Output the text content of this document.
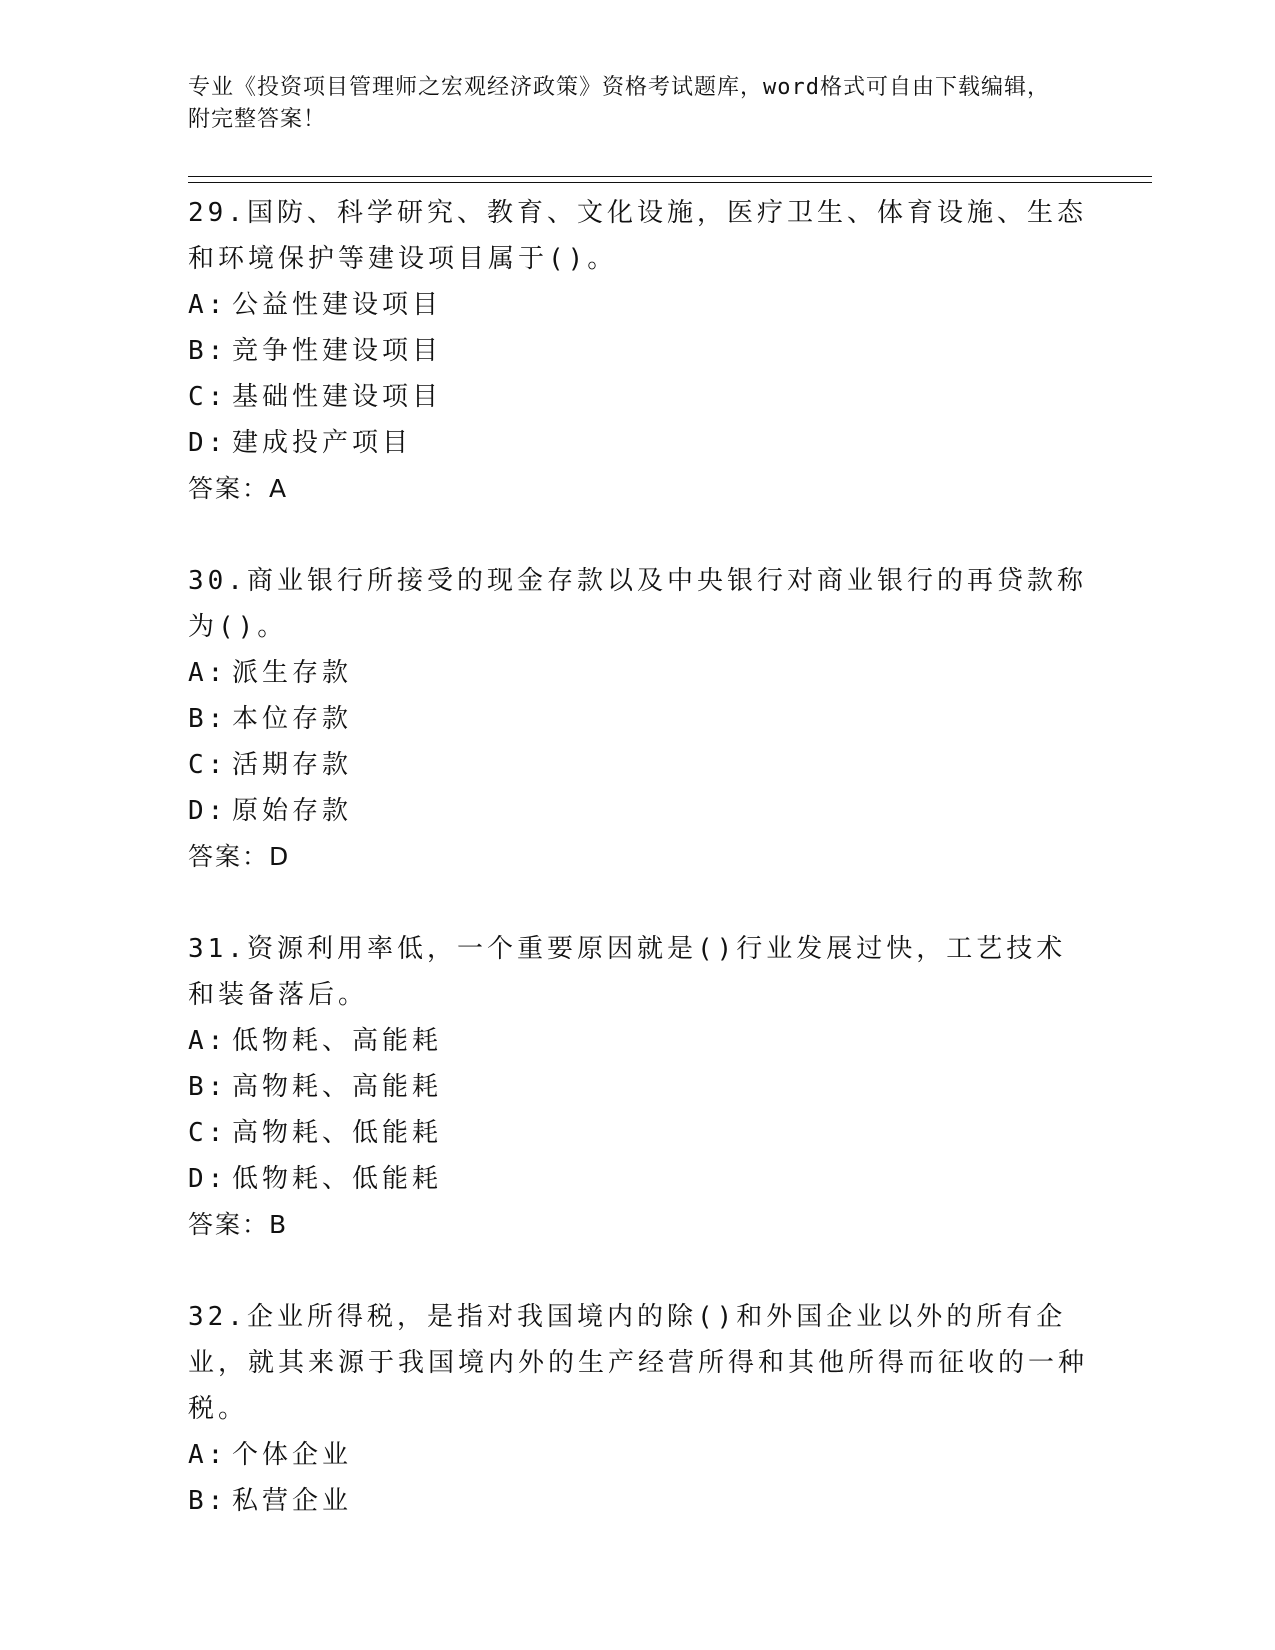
专业《投资项目管理师之宏观经济政策》资格考试题库，word格式可自由下载编辑，附完整答案！
29.国防、科学研究、教育、文化设施，医疗卫生、体育设施、生态和环境保护等建设项目属于()。
A: 公益性建设项目
B: 竞争性建设项目
C: 基础性建设项目
D: 建成投产项目
答案：A
30.商业银行所接受的现金存款以及中央银行对商业银行的再贷款称为()。
A: 派生存款
B: 本位存款
C: 活期存款
D: 原始存款
答案：D
31.资源利用率低，一个重要原因就是()行业发展过快，工艺技术和装备落后。
A: 低物耗、高能耗
B: 高物耗、高能耗
C: 高物耗、低能耗
D: 低物耗、低能耗
答案：B
32.企业所得税，是指对我国境内的除()和外国企业以外的所有企业，就其来源于我国境内外的生产经营所得和其他所得而征收的一种税。
A: 个体企业
B: 私营企业
